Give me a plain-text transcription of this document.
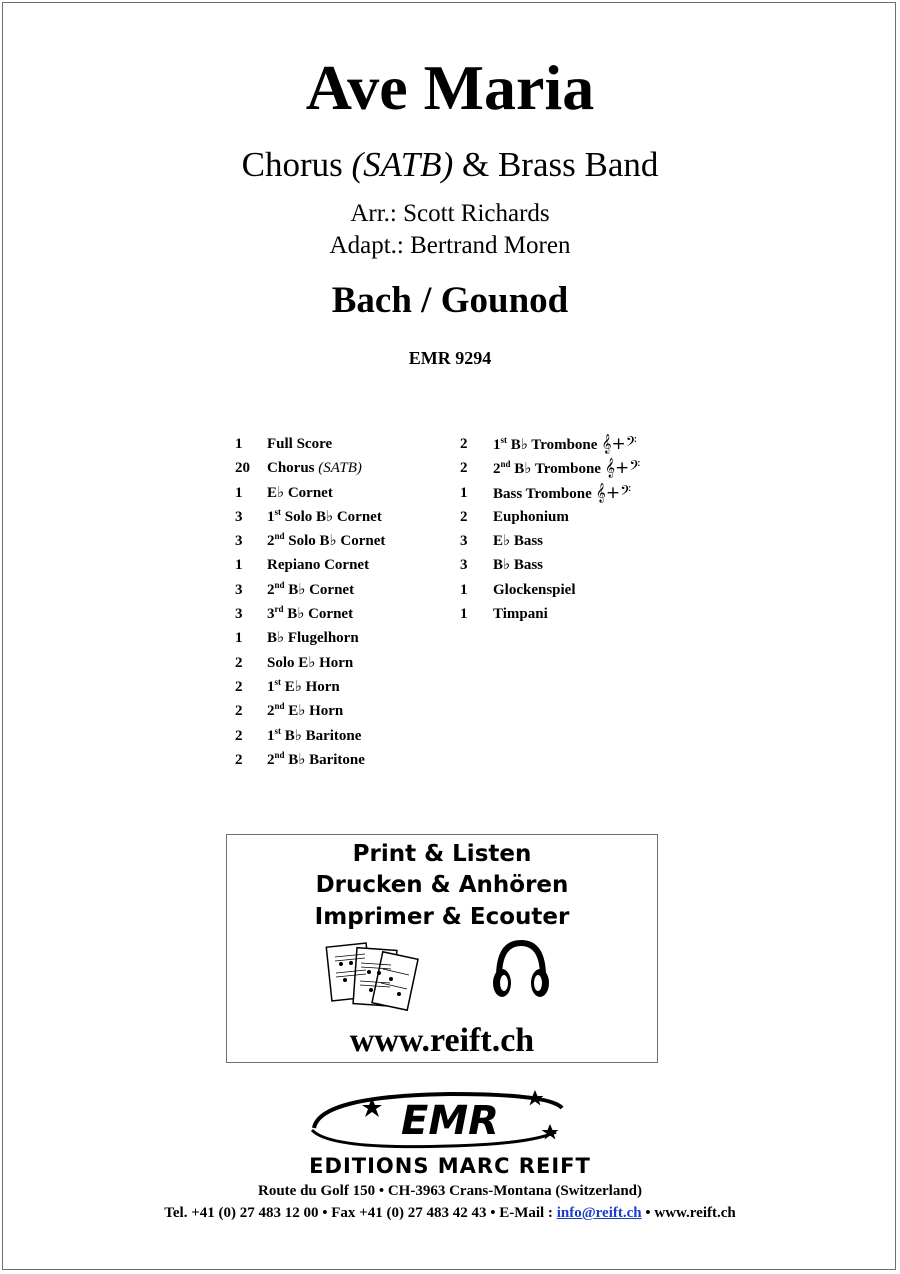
Ave Maria
Chorus (SATB) & Brass Band
Arr.: Scott Richards
Adapt.: Bertrand Moren
Bach / Gounod
EMR 9294
1 Full Score
20 Chorus (SATB)
1 E♭ Cornet
3 1st Solo B♭ Cornet
3 2nd Solo B♭ Cornet
1 Repiano Cornet
3 2nd B♭ Cornet
3 3rd B♭ Cornet
1 B♭ Flugelhorn
2 Solo E♭ Horn
2 1st E♭ Horn
2 2nd E♭ Horn
2 1st B♭ Baritone
2 2nd B♭ Baritone
2 1st B♭ Trombone 𝄞+𝄢
2 2nd B♭ Trombone 𝄞+𝄢
1 Bass Trombone 𝄞+𝄢
2 Euphonium
3 E♭ Bass
3 B♭ Bass
1 Glockenspiel
1 Timpani
Print & Listen
Drucken & Anhören
Imprimer & Ecouter
www.reift.ch
EMR
EDITIONS MARC REIFT
Route du Golf 150 • CH-3963 Crans-Montana (Switzerland)
Tel. +41 (0) 27 483 12 00 • Fax +41 (0) 27 483 42 43 • E-Mail : info@reift.ch • www.reift.ch
